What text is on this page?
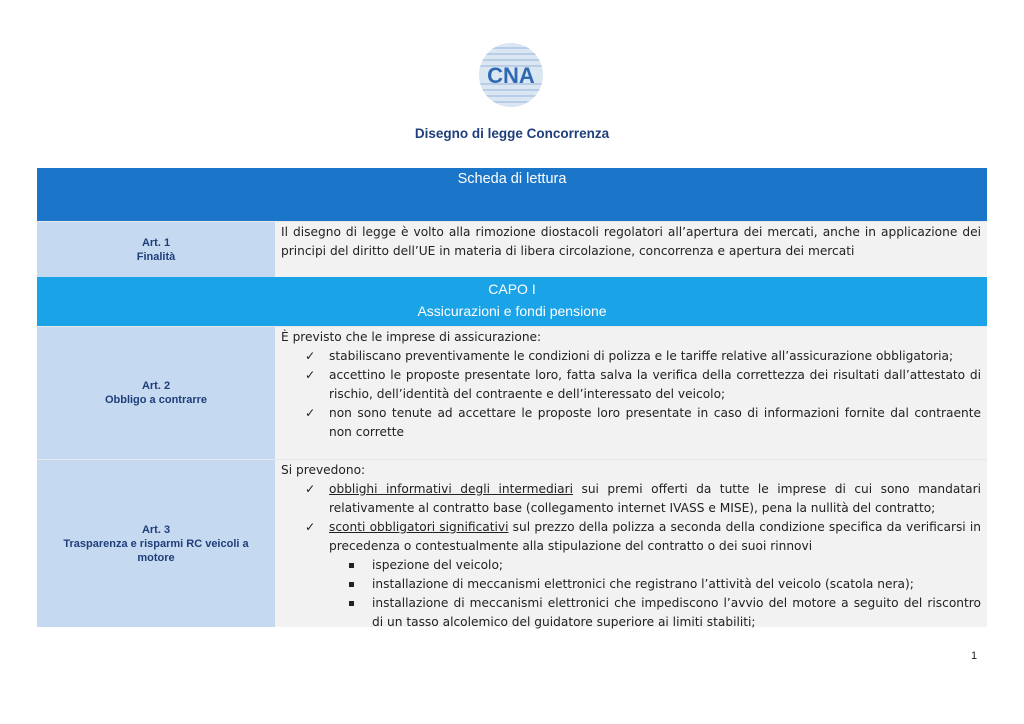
CNA
Disegno di legge Concorrenza
Scheda di lettura
Art. 1
Finalità
Il disegno di legge è volto alla rimozione diostacoli regolatori all’apertura dei mercati, anche in applicazione dei principi del diritto dell’UE in materia di libera circolazione, concorrenza e apertura dei mercati
CAPO I
Assicurazioni e fondi pensione
Art. 2
Obbligo a contrarre
È previsto che le imprese di assicurazione:
✓ stabiliscano preventivamente le condizioni di polizza e le tariffe relative all’assicurazione obbligatoria;
✓ accettino le proposte presentate loro, fatta salva la verifica della correttezza dei risultati dall’attestato di rischio, dell’identità del contraente e dell’interessato del veicolo;
✓ non sono tenute ad accettare le proposte loro presentate in caso di informazioni fornite dal contraente non corrette
Art. 3
Trasparenza e risparmi RC veicoli a motore
Si prevedono:
✓ obblighi informativi degli intermediari sui premi offerti da tutte le imprese di cui sono mandatari relativamente al contratto base (collegamento internet IVASS e MISE), pena la nullità del contratto;
✓ sconti obbligatori significativi sul prezzo della polizza a seconda della condizione specifica da verificarsi in precedenza o contestualmente alla stipulazione del contratto o dei suoi rinnovi
ispezione del veicolo;
installazione di meccanismi elettronici che registrano l’attività del veicolo (scatola nera);
installazione di meccanismi elettronici che impediscono l’avvio del motore a seguito del riscontro di un tasso alcolemico del guidatore superiore ai limiti stabiliti;
1
